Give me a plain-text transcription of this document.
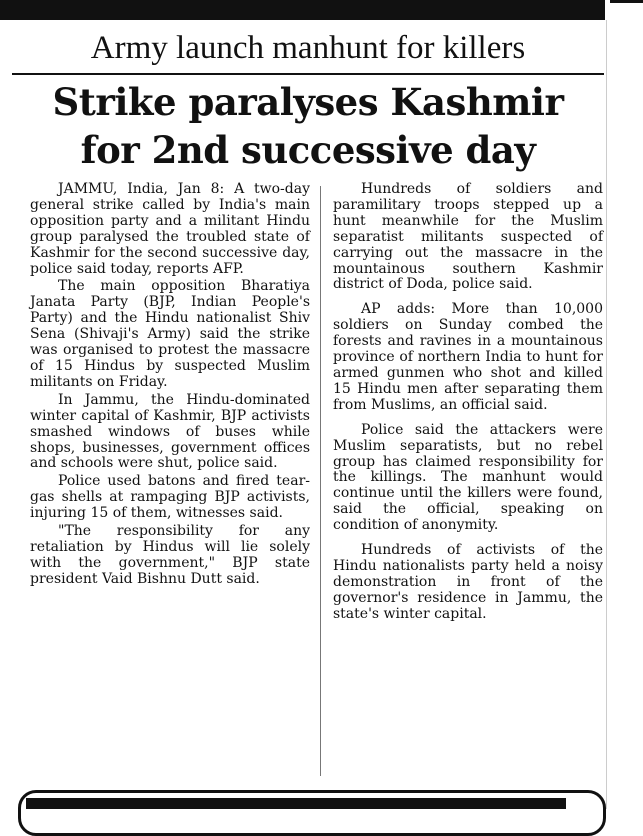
Army launch manhunt for killers
Strike paralyses Kashmir
for 2nd successive day

JAMMU, India, Jan 8: A two-day general strike called by India's main opposition party and a militant Hindu group paralysed the troubled state of Kashmir for the second successive day, police said today, reports AFP.

The main opposition Bharatiya Janata Party (BJP, Indian People's Party) and the Hindu nationalist Shiv Sena (Shivaji's Army) said the strike was organised to protest the massacre of 15 Hindus by suspected Muslim militants on Friday.

In Jammu, the Hindu-dominated winter capital of Kashmir, BJP activists smashed windows of buses while shops, businesses, government offices and schools were shut, police said.

Police used batons and fired tear-gas shells at rampaging BJP activists, injuring 15 of them, witnesses said.

"The responsibility for any retaliation by Hindus will lie solely with the government," BJP state president Vaid Bishnu Dutt said.

Hundreds of soldiers and paramilitary troops stepped up a hunt meanwhile for the Muslim separatist militants suspected of carrying out the massacre in the mountainous southern Kashmir district of Doda, police said.

AP adds: More than 10,000 soldiers on Sunday combed the forests and ravines in a mountainous province of northern India to hunt for armed gunmen who shot and killed 15 Hindu men after separating them from Muslims, an official said.

Police said the attackers were Muslim separatists, but no rebel group has claimed responsibility for the killings. The manhunt would continue until the killers were found, said the official, speaking on condition of anonymity.

Hundreds of activists of the Hindu nationalists party held a noisy demonstration in front of the governor's residence in Jammu, the state's winter capital.
